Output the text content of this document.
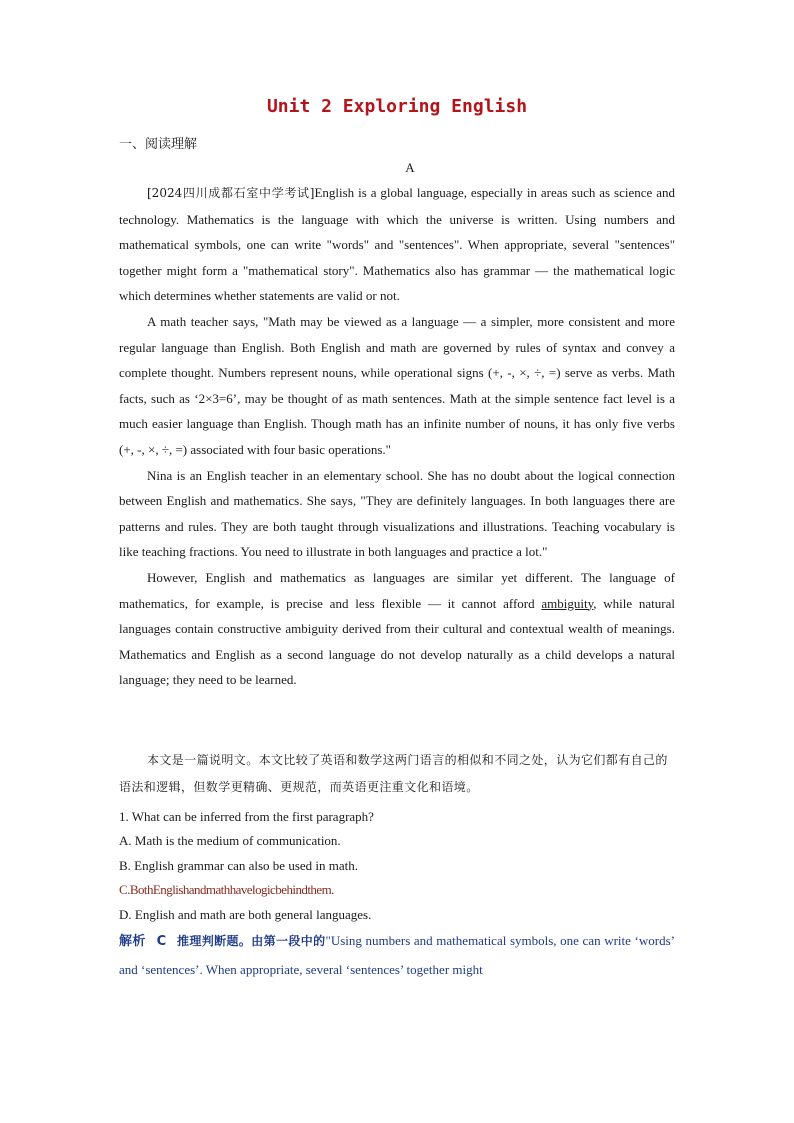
Unit 2 Exploring English
一、阅读理解
A

[2024四川成都石室中学考试]English is a global language, especially in areas such as science and technology. Mathematics is the language with which the universe is written. Using numbers and mathematical symbols, one can write "words" and "sentences". When appropriate, several "sentences" together might form a "mathematical story". Mathematics also has grammar — the mathematical logic which determines whether statements are valid or not.

A math teacher says, "Math may be viewed as a language — a simpler, more consistent and more regular language than English. Both English and math are governed by rules of syntax and convey a complete thought. Numbers represent nouns, while operational signs (+, -, ×, ÷, =) serve as verbs. Math facts, such as ‘2×3=6’, may be thought of as math sentences. Math at the simple sentence fact level is a much easier language than English. Though math has an infinite number of nouns, it has only five verbs (+, -, ×, ÷, =) associated with four basic operations."

Nina is an English teacher in an elementary school. She has no doubt about the logical connection between English and mathematics. She says, "They are definitely languages. In both languages there are patterns and rules. They are both taught through visualizations and illustrations. Teaching vocabulary is like teaching fractions. You need to illustrate in both languages and practice a lot."

However, English and mathematics as languages are similar yet different. The language of mathematics, for example, is precise and less flexible — it cannot afford ambiguity, while natural languages contain constructive ambiguity derived from their cultural and contextual wealth of meanings. Mathematics and English as a second language do not develop naturally as a child develops a natural language; they need to be learned.

本文是一篇说明文。本文比较了英语和数学这两门语言的相似和不同之处，认为它们都有自己的语法和逻辑，但数学更精确、更规范，而英语更注重文化和语境。
1. What can be inferred from the first paragraph?
A. Math is the medium of communication.
B. English grammar can also be used in math.
C.BothEnglishandmathhavelogicbehindthem.
D. English and math are both general languages.
解析 C 推理判断题。由第一段中的"Using numbers and mathematical symbols, one can write ‘words’ and ‘sentences’. When appropriate, several ‘sentences’ together might
